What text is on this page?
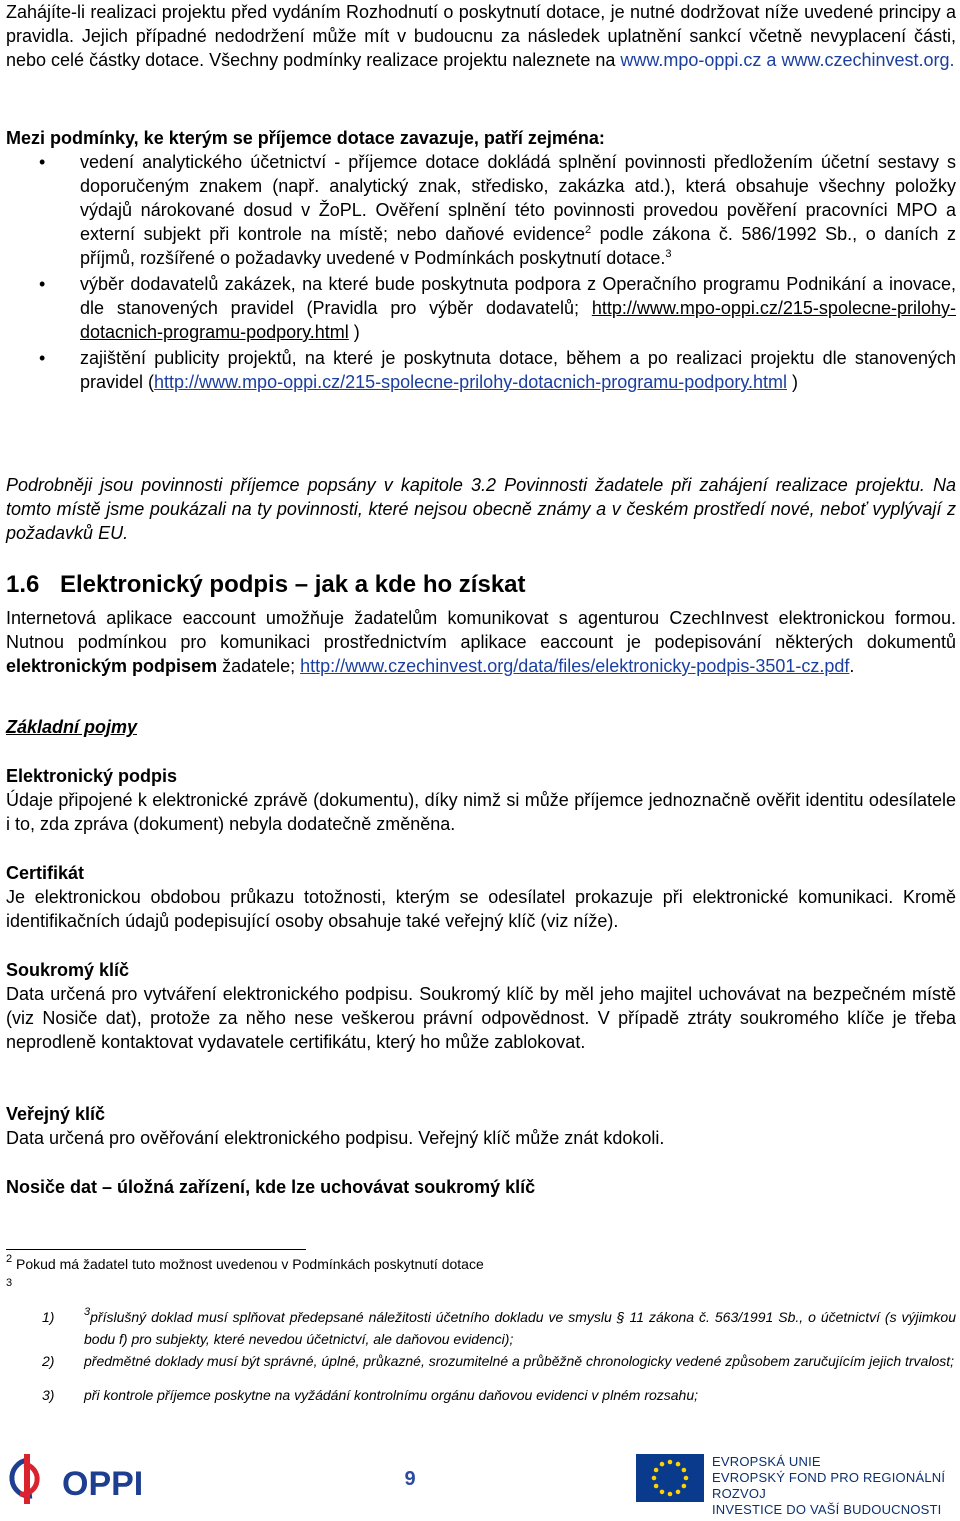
Zahájíte-li realizaci projektu před vydáním Rozhodnutí o poskytnutí dotace, je nutné dodržovat níže uvedené principy a pravidla. Jejich případné nedodržení může mít v budoucnu za následek uplatnění sankcí včetně nevyplacení části, nebo celé částky dotace. Všechny podmínky realizace projektu naleznete na www.mpo-oppi.cz a www.czechinvest.org.

Mezi podmínky, ke kterým se příjemce dotace zavazuje, patří zejména:

• vedení analytického účetnictví - příjemce dotace dokládá splnění povinnosti předložením účetní sestavy s doporučeným znakem (např. analytický znak, středisko, zakázka atd.), která obsahuje všechny položky výdajů nárokované dosud v ŽoPL. Ověření splnění této povinnosti provedou pověření pracovníci MPO a externí subjekt při kontrole na místě; nebo daňové evidence$^2$ podle zákona č. 586/1992 Sb., o daních z příjmů, rozšířené o požadavky uvedené v Podmínkách poskytnutí dotace.$^3$
• výběr dodavatelů zakázek, na které bude poskytnuta podpora z Operačního programu Podnikání a inovace, dle stanovených pravidel (Pravidla pro výběr dodavatelů; http://www.mpo-oppi.cz/215-spolecne-prilohy-dotacnich-programu-podpory.html )
• zajištění publicity projektů, na které je poskytnuta dotace, během a po realizaci projektu dle stanovených pravidel (http://www.mpo-oppi.cz/215-spolecne-prilohy-dotacnich-programu-podpory.html )

Podrobněji jsou povinnosti příjemce popsány v kapitole 3.2 Povinnosti žadatele při zahájení realizace projektu. Na tomto místě jsme poukázali na ty povinnosti, které nejsou obecně známy a v českém prostředí nové, neboť vyplývají z požadavků EU.

1.6 Elektronický podpis – jak a kde ho získat

Internetová aplikace eaccount umožňuje žadatelům komunikovat s agenturou CzechInvest elektronickou formou. Nutnou podmínkou pro komunikaci prostřednictvím aplikace eaccount je podepisování některých dokumentů elektronickým podpisem žadatele; http://www.czechinvest.org/data/files/elektronicky-podpis-3501-cz.pdf.

Základní pojmy

Elektronický podpis

Údaje připojené k elektronické zprávě (dokumentu), díky nimž si může příjemce jednoznačně ověřit identitu odesílatele i to, zda zpráva (dokument) nebyla dodatečně změněna.

Certifikát

Je elektronickou obdobou průkazu totožnosti, kterým se odesílatel prokazuje při elektronické komunikaci. Kromě identifikačních údajů podepisující osoby obsahuje také veřejný klíč (viz níže).

Soukromý klíč

Data určená pro vytváření elektronického podpisu. Soukromý klíč by měl jeho majitel uchovávat na bezpečném místě (viz Nosiče dat), protože za něho nese veškerou právní odpovědnost. V případě ztráty soukromého klíče je třeba neprodleně kontaktovat vydavatele certifikátu, který ho může zablokovat.

Veřejný klíč

Data určená pro ověřování elektronického podpisu. Veřejný klíč může znát kdokoli.

Nosiče dat – úložná zařízení, kde lze uchovávat soukromý klíč

$^2$ Pokud má žadatel tuto možnost uvedenou v Podmínkách poskytnutí dotace
$^3$
1)	$^3$příslušný doklad musí splňovat předepsané náležitosti účetního dokladu ve smyslu § 11 zákona č. 563/1991 Sb., o účetnictví (s výjimkou bodu f) pro subjekty, které nevedou účetnictví, ale daňovou evidenci);
2) předmětné doklady musí být správné, úplné, průkazné, srozumitelné a průběžně chronologicky vedené způsobem zaručujícím jejich trvalost;
3) při kontrole příjemce poskytne na vyžádání kontrolnímu orgánu daňovou evidenci v plném rozsahu;
OPPI	9
EVROPSKÁ UNIE
EVROPSKÝ FOND PRO REGIONÁLNÍ ROZVOJ
INVESTICE DO VAŠÍ BUDOUCNOSTI
